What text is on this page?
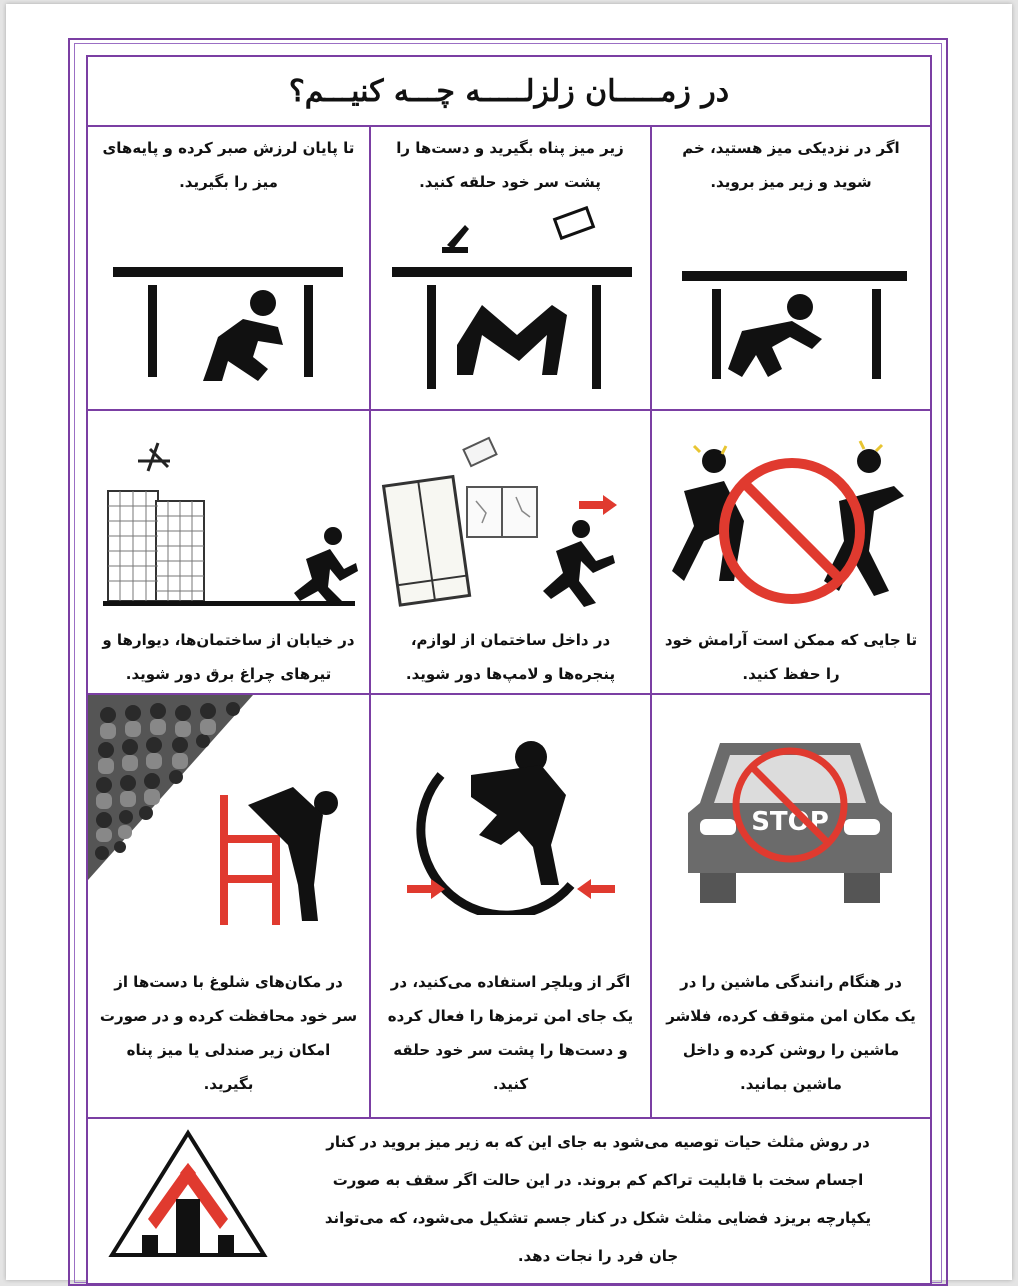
در زمـــــان زلزلـــــه چـــه کنیـــم؟
اگر در نزدیکی میز هستید، خم
شوید و زیر میز بروید.
زیر میز پناه بگیرید و دست‌ها را
پشت سر خود حلقه کنید.
تا پایان لرزش صبر کرده و پایه‌های
میز را بگیرید.
تا جایی که ممکن است آرامش خود
را حفظ کنید.
در داخل ساختمان از لوازم،
پنجره‌ها و لامپ‌ها دور شوید.
در خیابان از ساختمان‌ها، دیوارها و
تیرهای چراغ برق دور شوید.
STOP
در هنگام رانندگی ماشین را در
یک مکان امن متوقف کرده، فلاشر
ماشین را روشن کرده و داخل
ماشین بمانید.
اگر از ویلچر استفاده می‌کنید، در
یک جای امن ترمزها را فعال کرده
و دست‌ها را پشت سر خود حلقه
کنید.
در مکان‌های شلوغ با دست‌ها از
سر خود محافظت کرده و در صورت
امکان زیر صندلی یا میز پناه
بگیرید.
در روش مثلث حیات توصیه می‌شود به جای این که به زیر میز بروید در کنار
اجسام سخت با قابلیت تراکم کم بروند. در این حالت اگر سقف به صورت
یکپارچه بریزد فضایی مثلث شکل در کنار جسم تشکیل می‌شود، که می‌تواند
جان فرد را نجات دهد.
